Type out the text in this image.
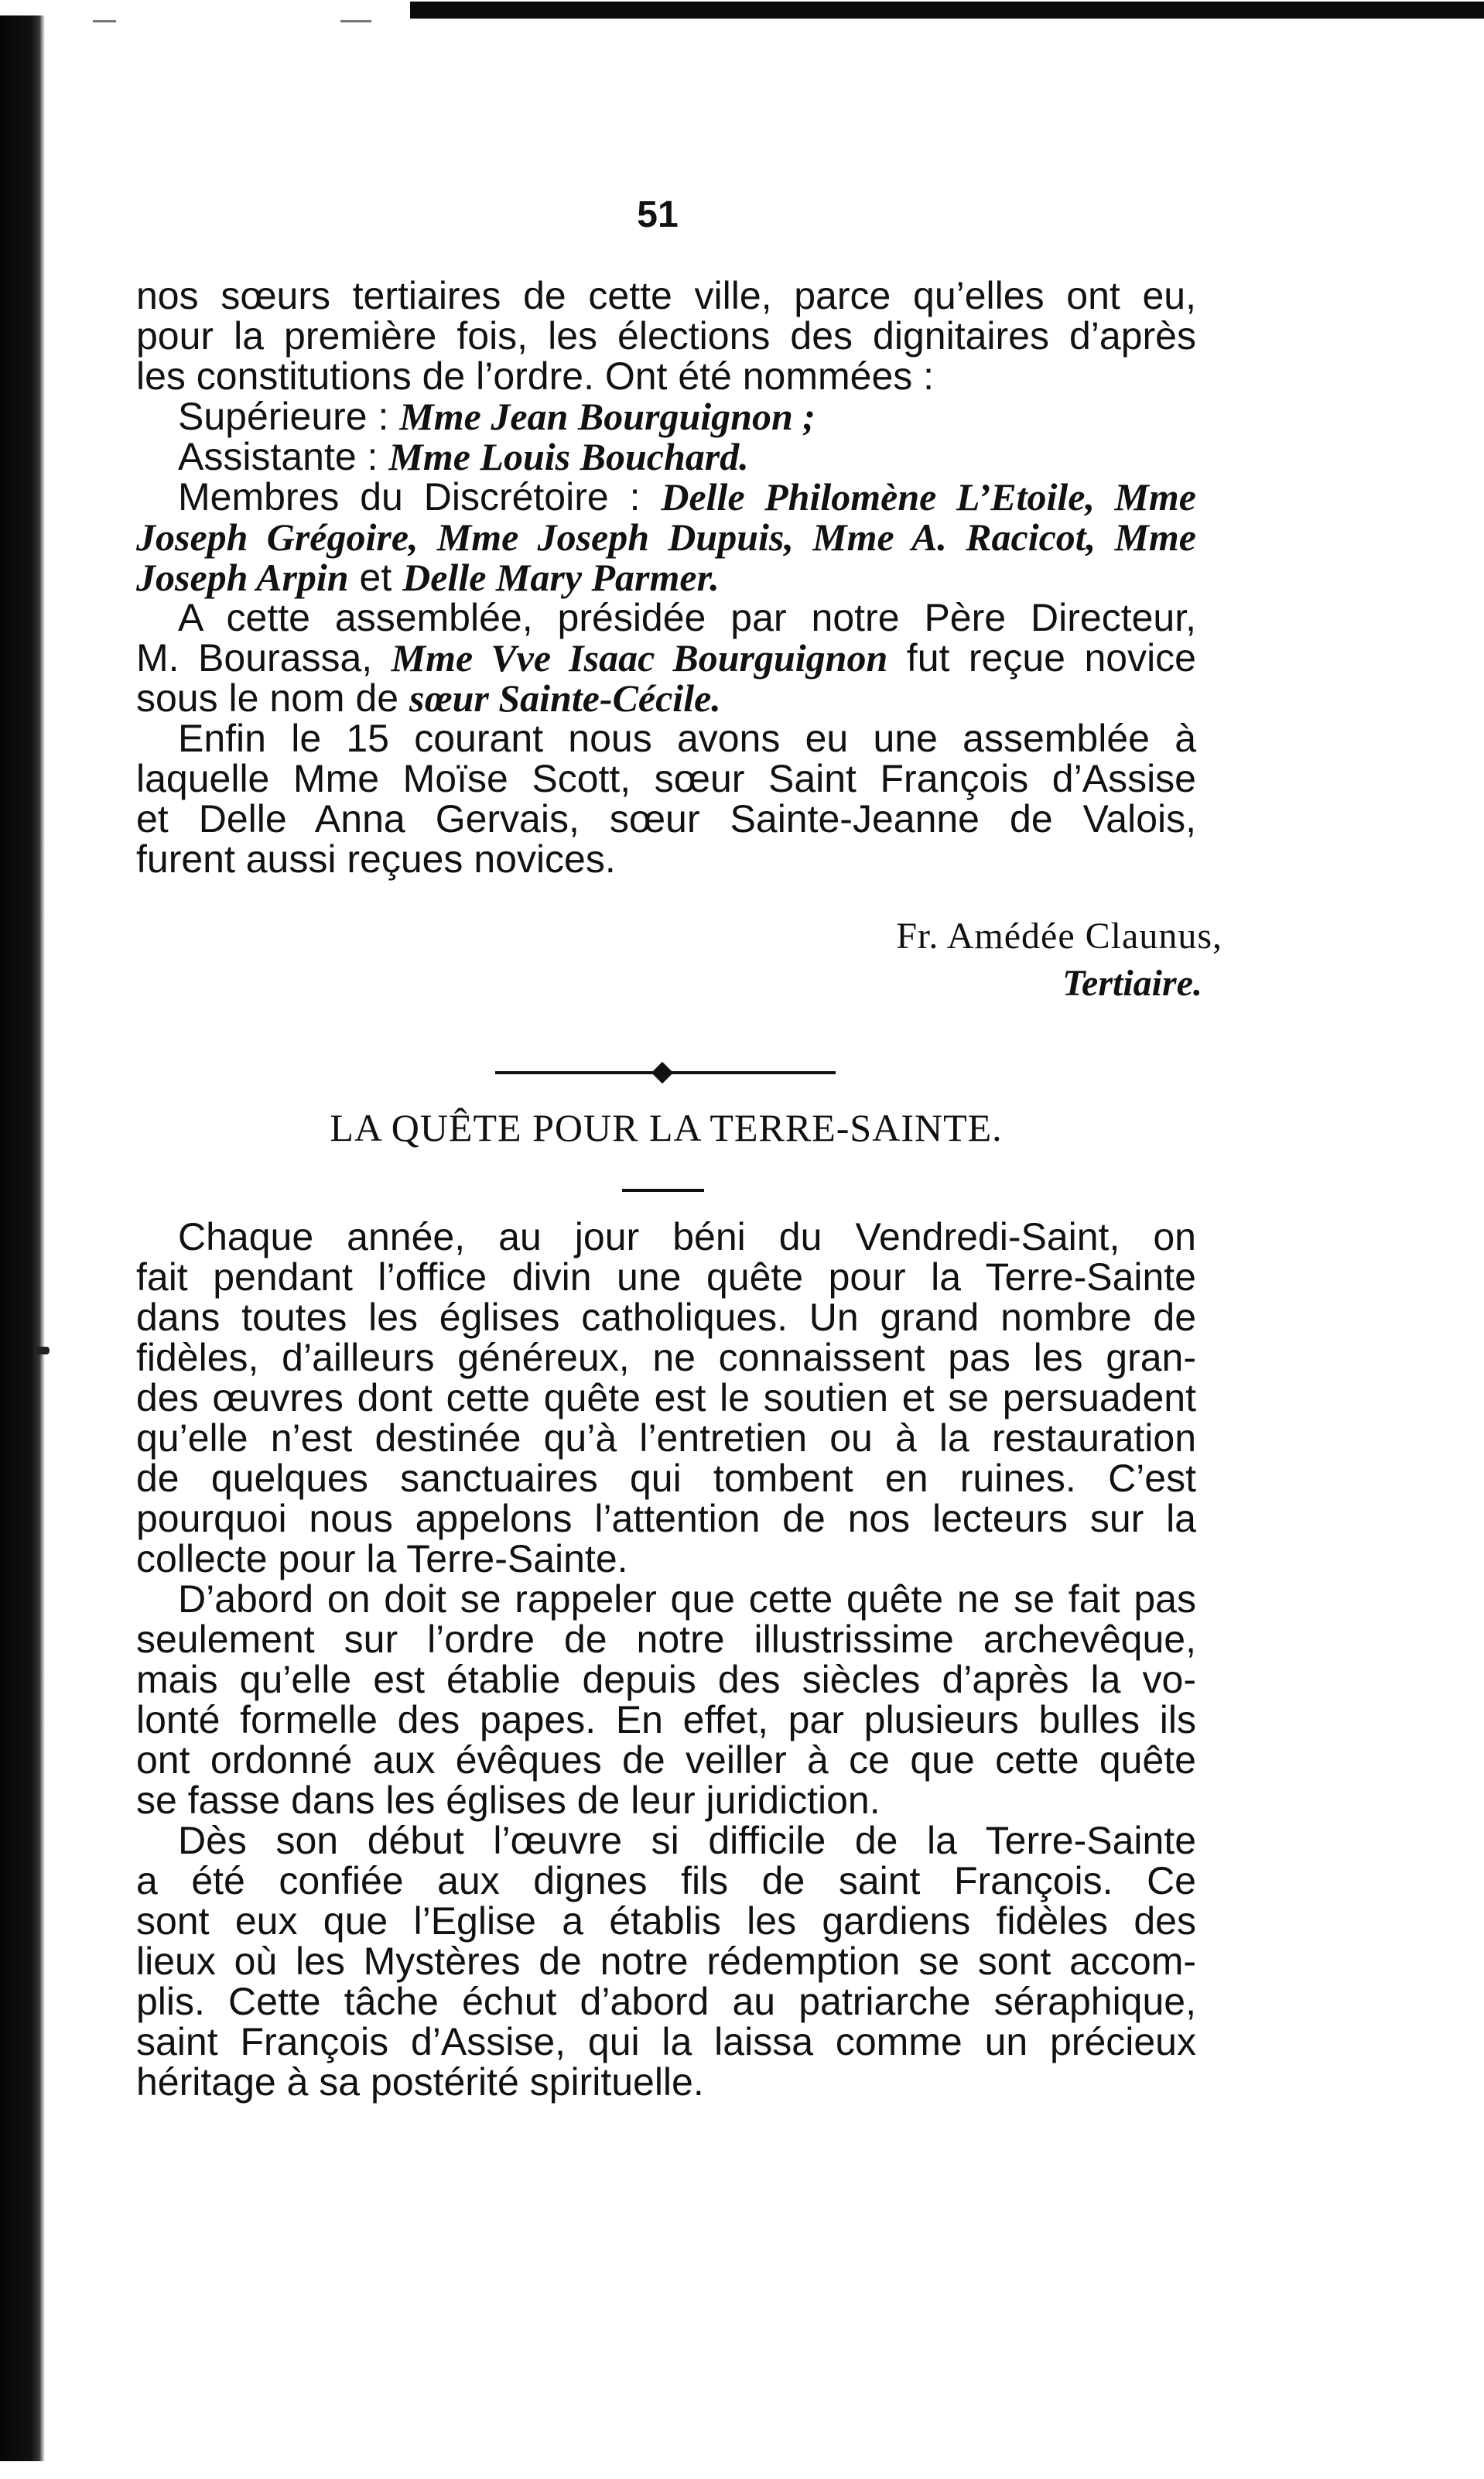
51
nos sœurs tertiaires de cette ville, parce qu’elles ont eu,
pour la première fois, les élections des dignitaires d’après
les constitutions de l’ordre. Ont été nommées :
Supérieure : Mme Jean Bourguignon ;
Assistante : Mme Louis Bouchard.
Membres du Discrétoire : Delle Philomène L’Etoile, Mme
Joseph Grégoire, Mme Joseph Dupuis, Mme A. Racicot, Mme
Joseph Arpin et Delle Mary Parmer.
A cette assemblée, présidée par notre Père Directeur,
M. Bourassa, Mme Vve Isaac Bourguignon fut reçue novice
sous le nom de sœur Sainte-Cécile.
Enfin le 15 courant nous avons eu une assemblée à
laquelle Mme Moïse Scott, sœur Saint François d’Assise
et Delle Anna Gervais, sœur Sainte-Jeanne de Valois,
furent aussi reçues novices.
Fr. Amédée Claunus,
Tertiaire.
LA QUÊTE POUR LA TERRE-SAINTE.
Chaque année, au jour béni du Vendredi-Saint, on
fait pendant l’office divin une quête pour la Terre-Sainte
dans toutes les églises catholiques. Un grand nombre de
fidèles, d’ailleurs généreux, ne connaissent pas les gran-
des œuvres dont cette quête est le soutien et se persuadent
qu’elle n’est destinée qu’à l’entretien ou à la restauration
de quelques sanctuaires qui tombent en ruines. C’est
pourquoi nous appelons l’attention de nos lecteurs sur la
collecte pour la Terre-Sainte.
D’abord on doit se rappeler que cette quête ne se fait pas
seulement sur l’ordre de notre illustrissime archevêque,
mais qu’elle est établie depuis des siècles d’après la vo-
lonté formelle des papes. En effet, par plusieurs bulles ils
ont ordonné aux évêques de veiller à ce que cette quête
se fasse dans les églises de leur juridiction.
Dès son début l’œuvre si difficile de la Terre-Sainte
a été confiée aux dignes fils de saint François. Ce
sont eux que l’Eglise a établis les gardiens fidèles des
lieux où les Mystères de notre rédemption se sont accom-
plis. Cette tâche échut d’abord au patriarche séraphique,
saint François d’Assise, qui la laissa comme un précieux
héritage à sa postérité spirituelle.
